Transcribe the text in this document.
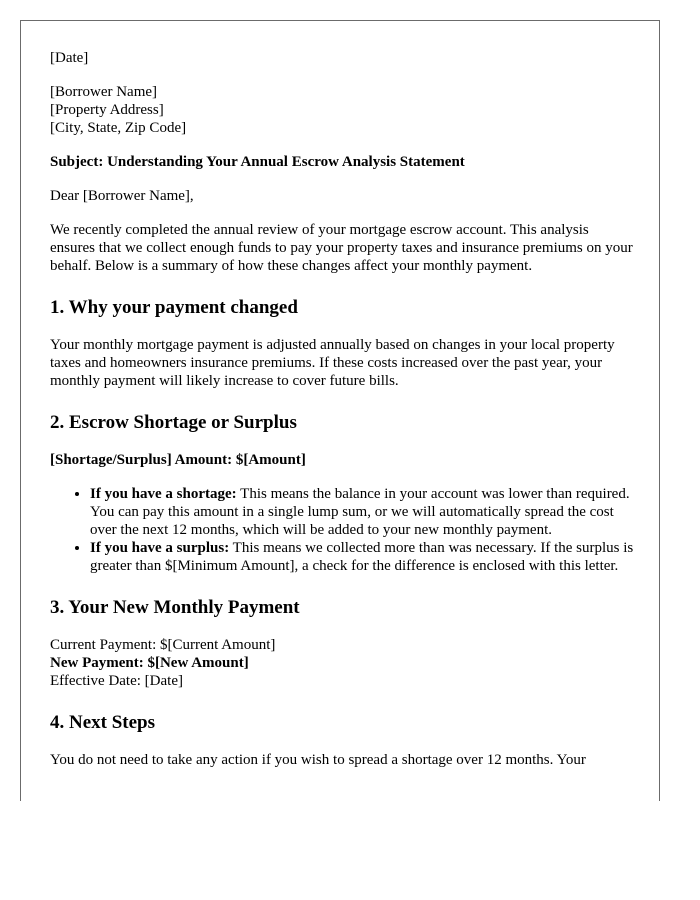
[Date]

[Borrower Name]
[Property Address]
[City, State, Zip Code]

Subject: Understanding Your Annual Escrow Analysis Statement

Dear [Borrower Name],

We recently completed the annual review of your mortgage escrow account. This analysis ensures that we collect enough funds to pay your property taxes and insurance premiums on your behalf. Below is a summary of how these changes affect your monthly payment.

1. Why your payment changed

Your monthly mortgage payment is adjusted annually based on changes in your local property taxes and homeowners insurance premiums. If these costs increased over the past year, your monthly payment will likely increase to cover future bills.

2. Escrow Shortage or Surplus

[Shortage/Surplus] Amount: $[Amount]

• If you have a shortage: This means the balance in your account was lower than required. You can pay this amount in a single lump sum, or we will automatically spread the cost over the next 12 months, which will be added to your new monthly payment.
• If you have a surplus: This means we collected more than was necessary. If the surplus is greater than $[Minimum Amount], a check for the difference is enclosed with this letter.
3. Your New Monthly Payment
Current Payment: $[Current Amount]
New Payment: $[New Amount]
Effective Date: [Date]
4. Next Steps

You do not need to take any action if you wish to spread a shortage over 12 months. Your
